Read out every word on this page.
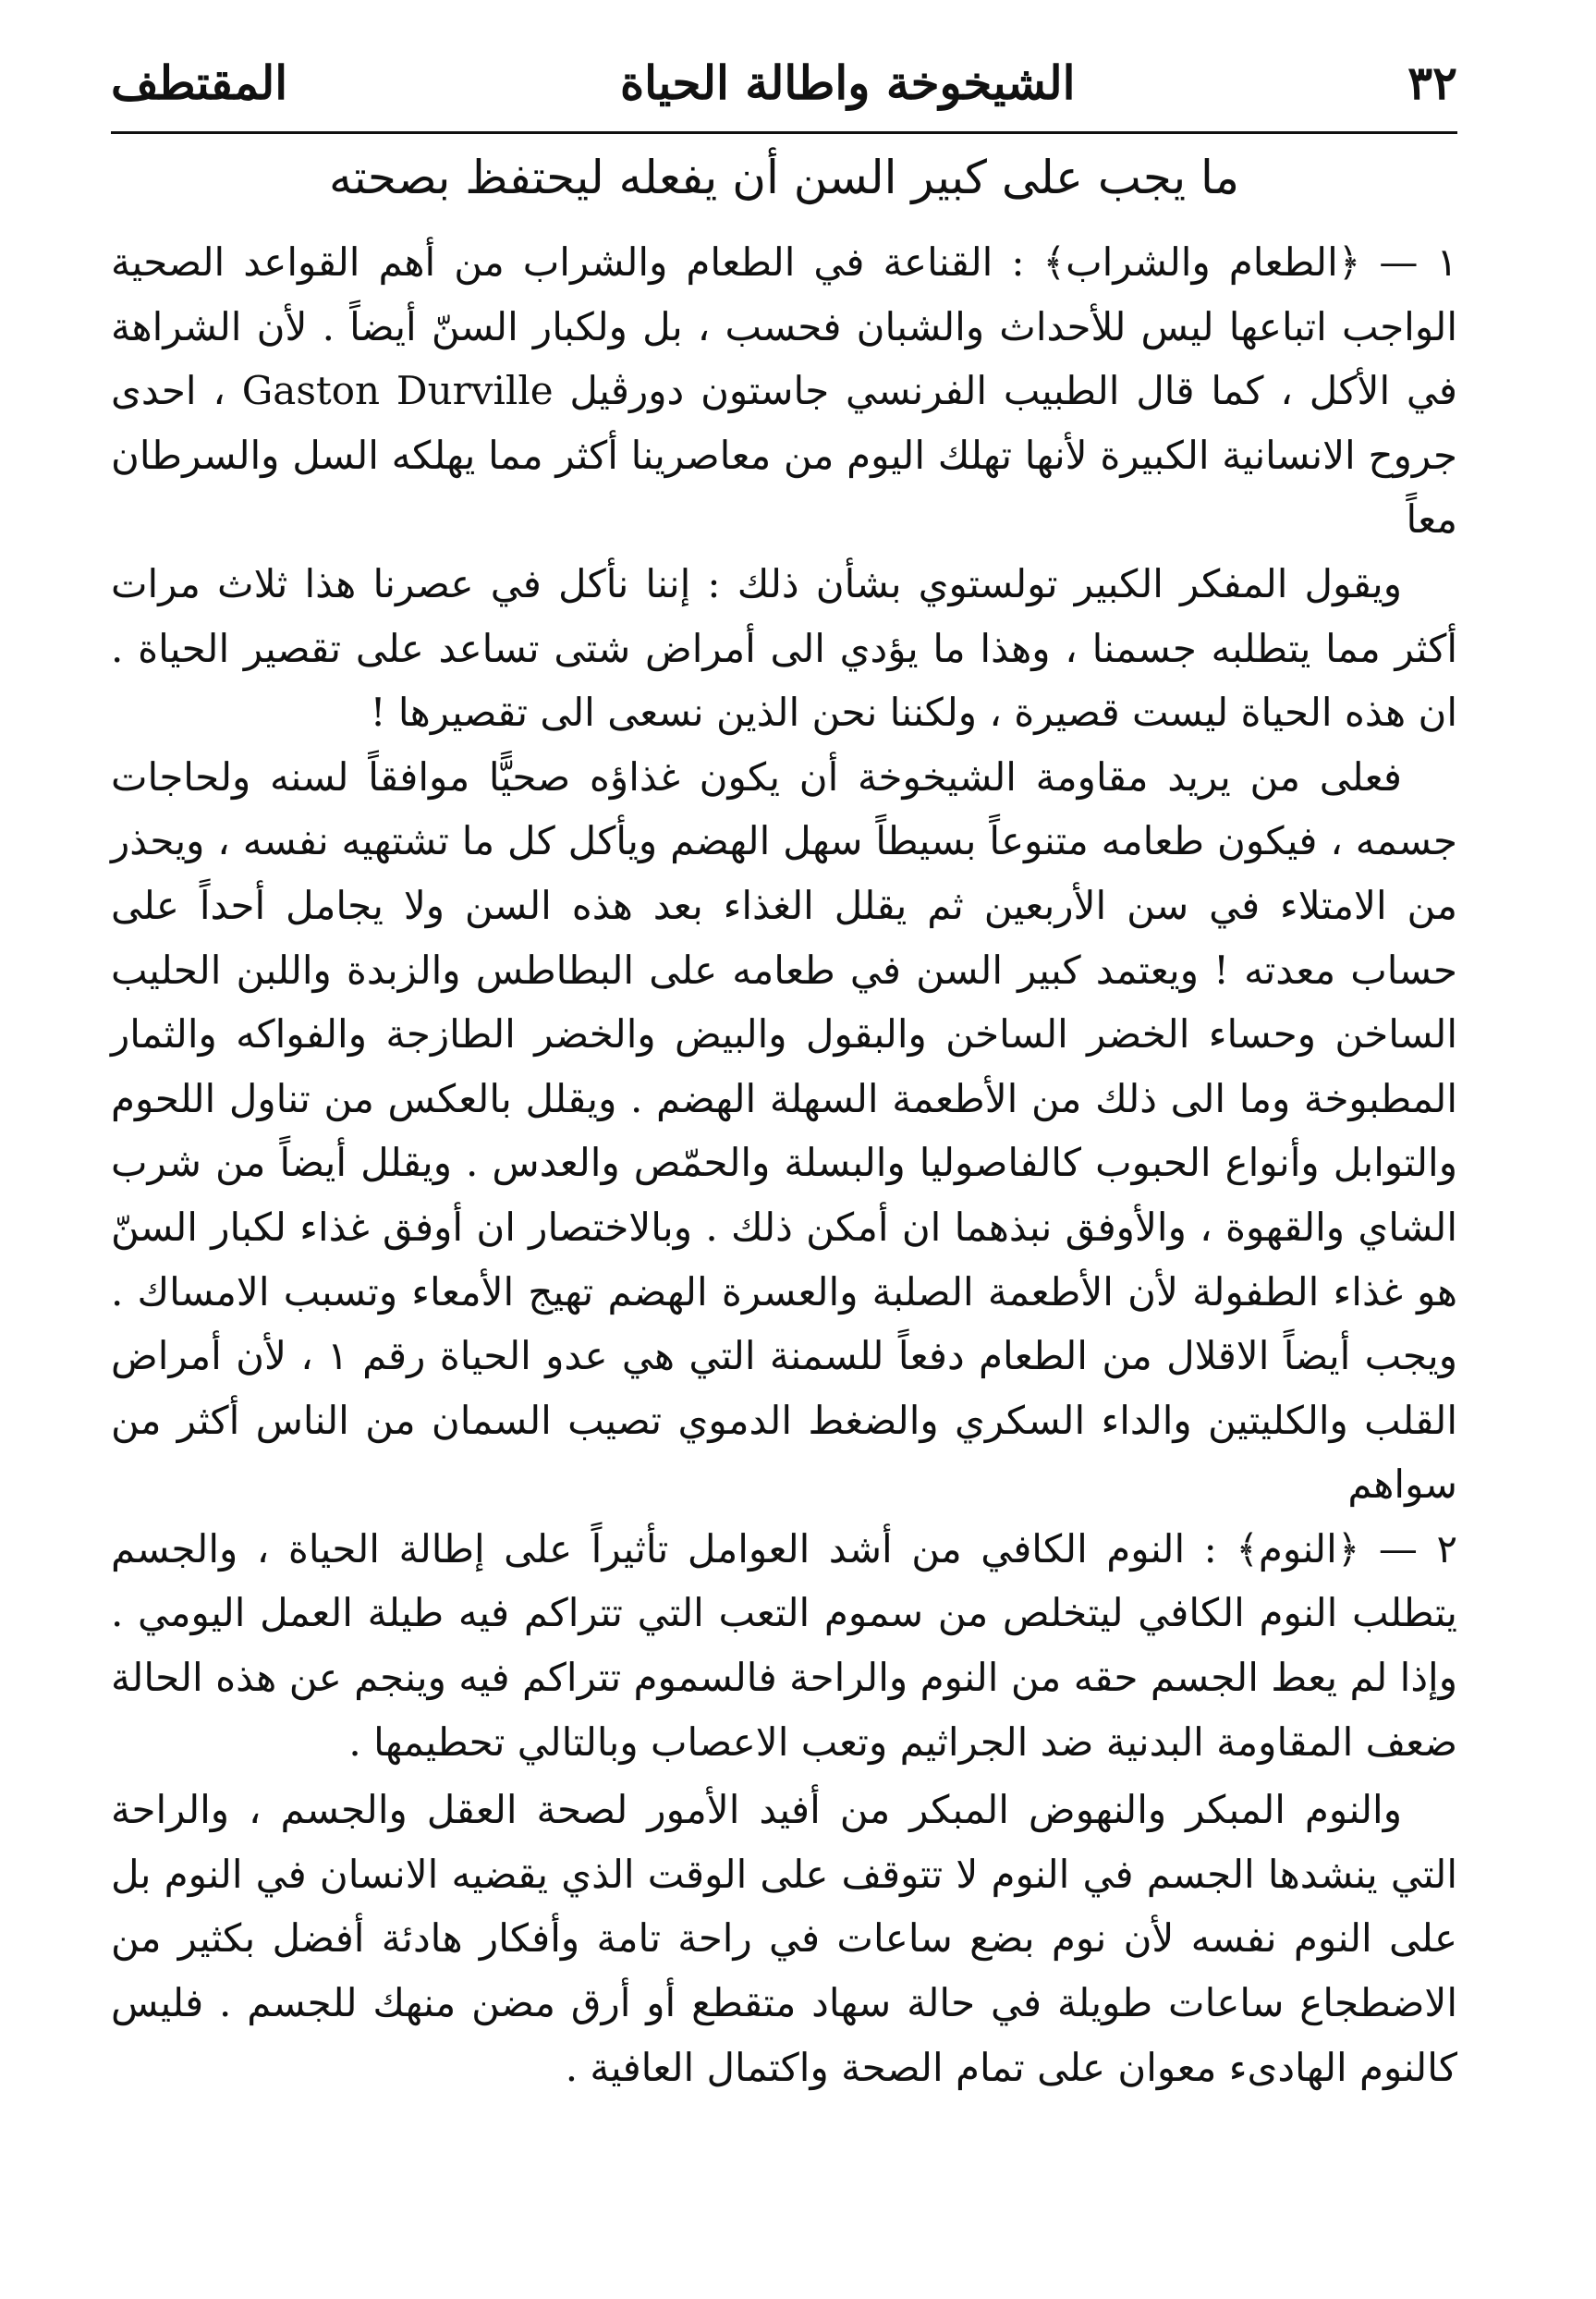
٣٢
الشيخوخة واطالة الحياة
المقتطف
ما يجب على كبير السن أن يفعله ليحتفظ بصحته

١ — ﴿الطعام والشراب﴾ : القناعة في الطعام والشراب من أهم القواعد الصحية الواجب اتباعها ليس للأحداث والشبان فحسب ، بل ولكبار السنّ أيضاً . لأن الشراهة في الأكل ، كما قال الطبيب الفرنسي جاستون دورڤيل Gaston Durville ، احدى جروح الانسانية الكبيرة لأنها تهلك اليوم من معاصرينا أكثر مما يهلكه السل والسرطان معاً

ويقول المفكر الكبير تولستوي بشأن ذلك : إننا نأكل في عصرنا هذا ثلاث مرات أكثر مما يتطلبه جسمنا ، وهذا ما يؤدي الى أمراض شتى تساعد على تقصير الحياة . ان هذه الحياة ليست قصيرة ، ولكننا نحن الذين نسعى الى تقصيرها !

فعلى من يريد مقاومة الشيخوخة أن يكون غذاؤه صحيًّا موافقاً لسنه ولحاجات جسمه ، فيكون طعامه متنوعاً بسيطاً سهل الهضم ويأكل كل ما تشتهيه نفسه ، ويحذر من الامتلاء في سن الأربعين ثم يقلل الغذاء بعد هذه السن ولا يجامل أحداً على حساب معدته ! ويعتمد كبير السن في طعامه على البطاطس والزبدة واللبن الحليب الساخن وحساء الخضر الساخن والبقول والبيض والخضر الطازجة والفواكه والثمار المطبوخة وما الى ذلك من الأطعمة السهلة الهضم . ويقلل بالعكس من تناول اللحوم والتوابل وأنواع الحبوب كالفاصوليا والبسلة والحمّص والعدس . ويقلل أيضاً من شرب الشاي والقهوة ، والأوفق نبذهما ان أمكن ذلك . وبالاختصار ان أوفق غذاء لكبار السنّ هو غذاء الطفولة لأن الأطعمة الصلبة والعسرة الهضم تهيج الأمعاء وتسبب الامساك . ويجب أيضاً الاقلال من الطعام دفعاً للسمنة التي هي عدو الحياة رقم ١ ، لأن أمراض القلب والكليتين والداء السكري والضغط الدموي تصيب السمان من الناس أكثر من سواهم

٢ — ﴿النوم﴾ : النوم الكافي من أشد العوامل تأثيراً على إطالة الحياة ، والجسم يتطلب النوم الكافي ليتخلص من سموم التعب التي تتراكم فيه طيلة العمل اليومي . وإذا لم يعط الجسم حقه من النوم والراحة فالسموم تتراكم فيه وينجم عن هذه الحالة ضعف المقاومة البدنية ضد الجراثيم وتعب الاعصاب وبالتالي تحطيمها .

والنوم المبكر والنهوض المبكر من أفيد الأمور لصحة العقل والجسم ، والراحة التي ينشدها الجسم في النوم لا تتوقف على الوقت الذي يقضيه الانسان في النوم بل على النوم نفسه لأن نوم بضع ساعات في راحة تامة وأفكار هادئة أفضل بكثير من الاضطجاع ساعات طويلة في حالة سهاد متقطع أو أرق مضن منهك للجسم . فليس كالنوم الهادىء معوان على تمام الصحة واكتمال العافية .
